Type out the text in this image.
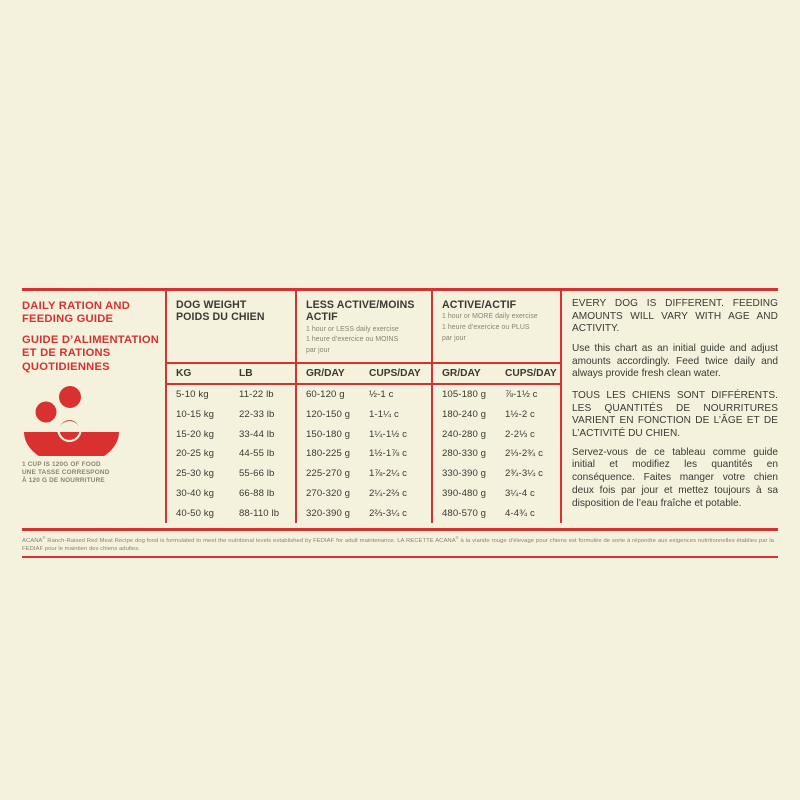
DAILY RATION AND FEEDING GUIDE
GUIDE D’ALIMENTATION ET DE RATIONS QUOTIDIENNES
1 CUP IS 120G OF FOOD
UNE TASSE CORRESPOND
À 120 G DE NOURRITURE
DOG WEIGHT
POIDS DU CHIEN
LESS ACTIVE/MOINS ACTIF
1 hour or LESS daily exercise
1 heure d’exercice ou MOINS
par jour
ACTIVE/ACTIF
1 hour or MORE daily exercise
1 heure d’exercice ou PLUS
par jour
KG	LB	GR/DAY	CUPS/DAY	GR/DAY	CUPS/DAY
5-10 kg	11-22 lb	60-120 g	½-1 c	105-180 g	⅞-1½ c
10-15 kg	22-33 lb	120-150 g	1-1¼ c	180-240 g	1½-2 c
15-20 kg	33-44 lb	150-180 g	1¼-1½ c	240-280 g	2-2⅓ c
20-25 kg	44-55 lb	180-225 g	1½-1⅞ c	280-330 g	2⅓-2¾ c
25-30 kg	55-66 lb	225-270 g	1⅞-2¼ c	330-390 g	2¾-3¼ c
30-40 kg	66-88 lb	270-320 g	2¼-2⅔ c	390-480 g	3¼-4 c
40-50 kg	88-110 lb	320-390 g	2⅔-3¼ c	480-570 g	4-4¾ c
EVERY DOG IS DIFFERENT. FEEDING AMOUNTS WILL VARY WITH AGE AND ACTIVITY.
Use this chart as an initial guide and adjust amounts accordingly. Feed twice daily and always provide fresh clean water.
TOUS LES CHIENS SONT DIFFÉRENTS. LES QUANTITÉS DE NOURRITURES VARIENT EN FONCTION DE L’ÂGE ET DE L’ACTIVITÉ DU CHIEN.
Servez-vous de ce tableau comme guide initial et modifiez les quantités en conséquence. Faites manger votre chien deux fois par jour et mettez toujours à sa disposition de l’eau fraîche et potable.
ACANA® Ranch-Raised Red Meat Recipe dog food is formulated to meet the nutritional levels established by FEDIAF for adult maintenance. LA RECETTE ACANA® à la viande rouge d’élevage pour chiens est formulée de sorte à répondre aux exigences nutritionnelles établies par la FEDIAF pour le maintien des chiens adultes.
